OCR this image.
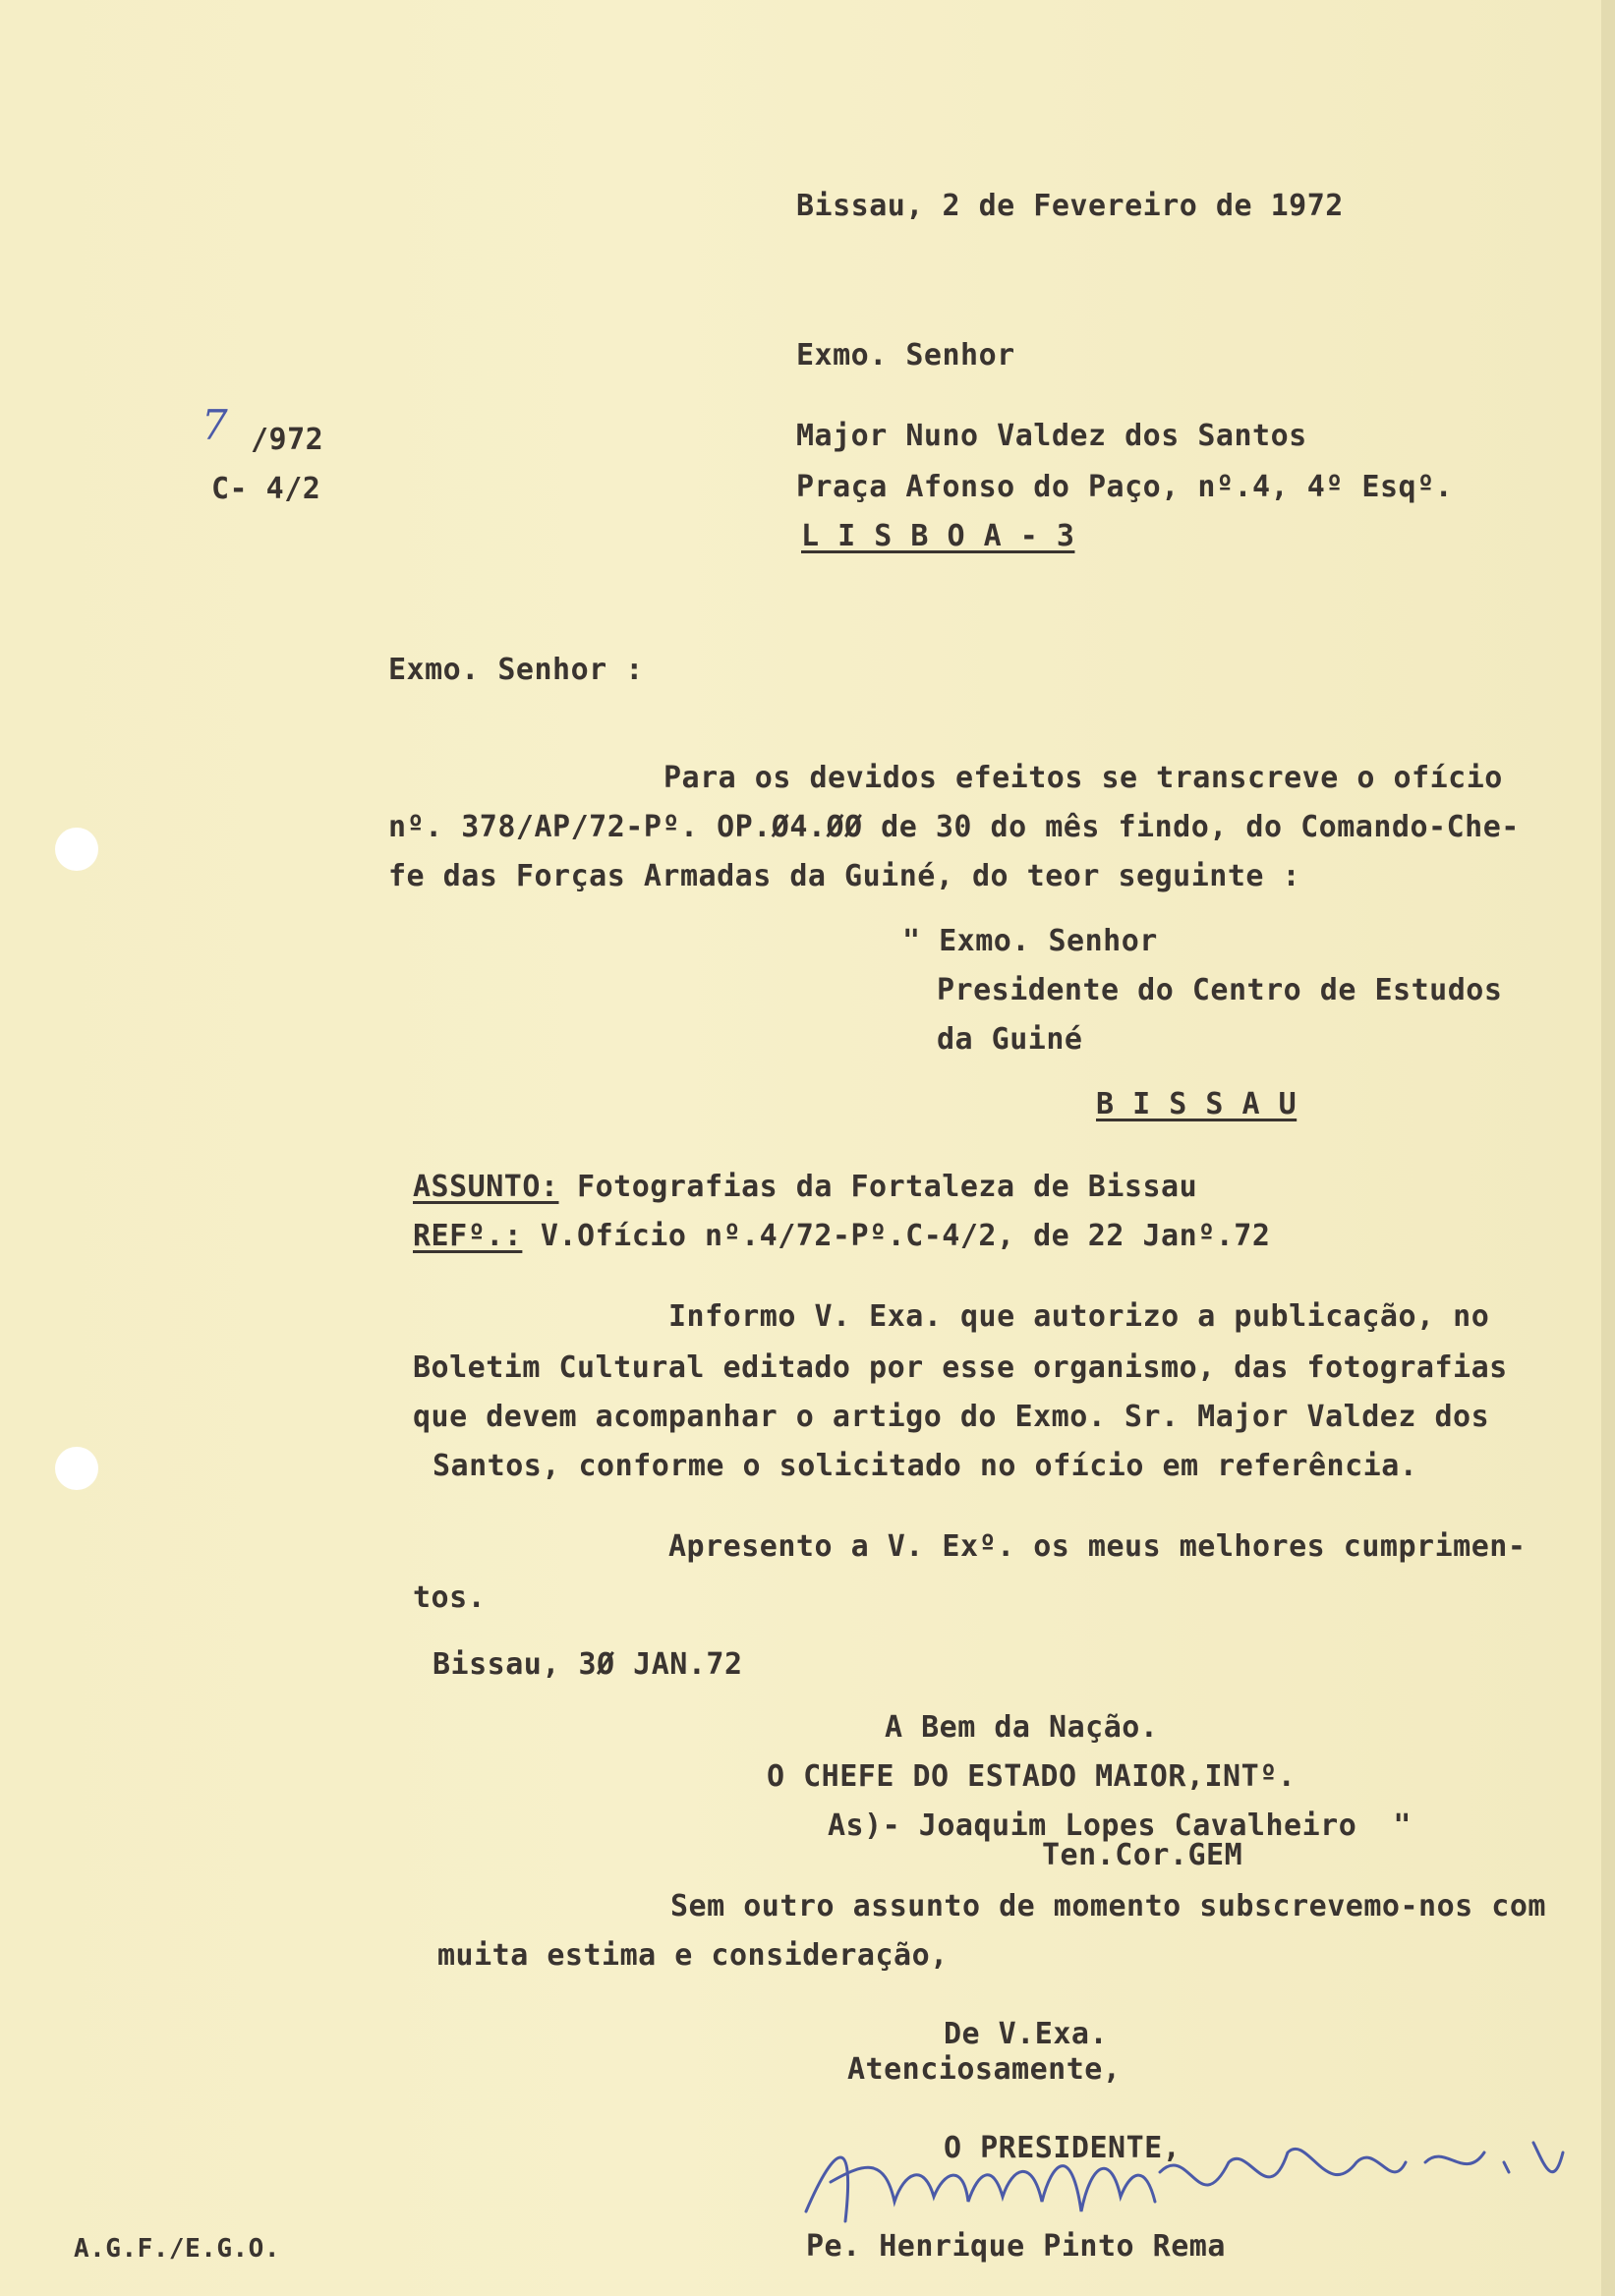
Bissau, 2 de Fevereiro de 1972
Exmo. Senhor
Major Nuno Valdez dos Santos
Praça Afonso do Paço, nº.4, 4º Esqº.
L I S B O A - 3
7 /972
C- 4/2
Exmo. Senhor :
Para os devidos efeitos se transcreve o ofício
nº. 378/AP/72-Pº. OP.Ø4.ØØ de 30 do mês findo, do Comando-Che-
fe das Forças Armadas da Guiné, do teor seguinte :
" Exmo. Senhor
Presidente do Centro de Estudos
da Guiné
B I S S A U
ASSUNTO: Fotografias da Fortaleza de Bissau
REFº.: V.Ofício nº.4/72-Pº.C-4/2, de 22 Janº.72
Informo V. Exa. que autorizo a publicação, no
Boletim Cultural editado por esse organismo, das fotografias
que devem acompanhar o artigo do Exmo. Sr. Major Valdez dos
Santos, conforme o solicitado no ofício em referência.
Apresento a V. Exº. os meus melhores cumprimen-
tos.
Bissau, 3Ø JAN.72
A Bem da Nação.
O CHEFE DO ESTADO MAIOR,INTº.
As)- Joaquim Lopes Cavalheiro  "
Ten.Cor.GEM
Sem outro assunto de momento subscrevemo-nos com
muita estima e consideração,
De V.Exa.
Atenciosamente,
O PRESIDENTE,
Pe. Henrique Pinto Rema
A.G.F./E.G.O.
